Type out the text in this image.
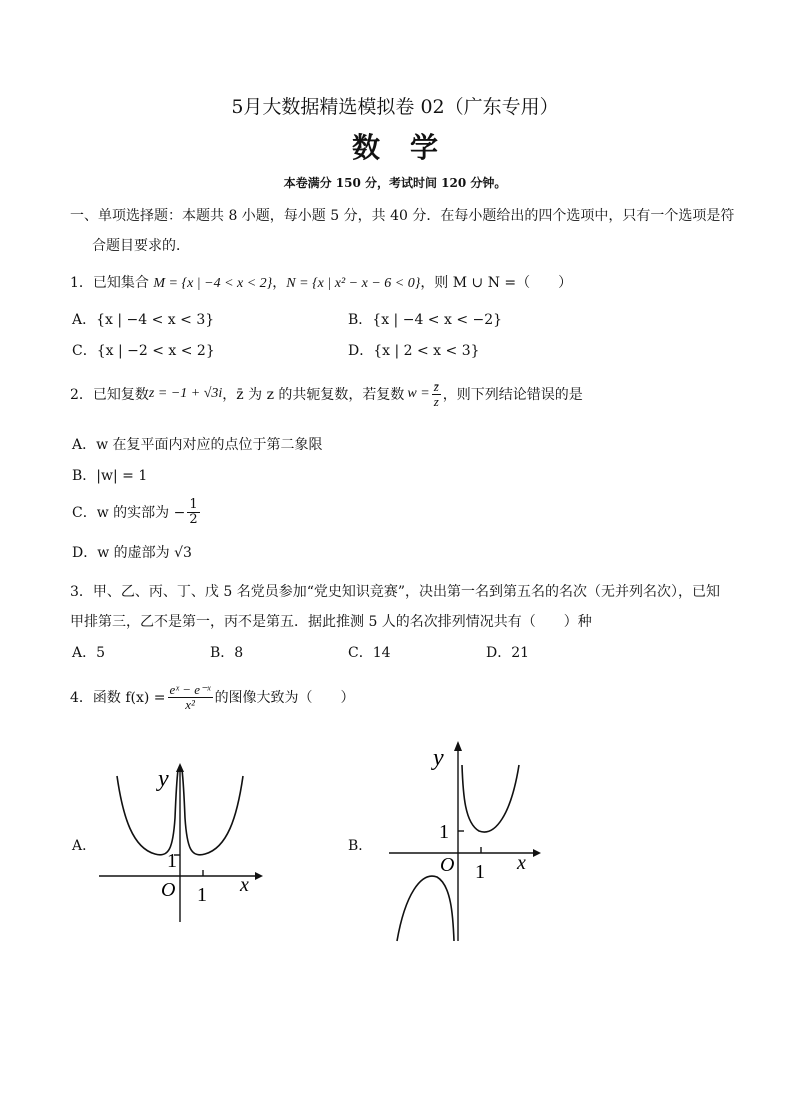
5月大数据精选模拟卷 02（广东专用）
数学
本卷满分 150 分，考试时间 120 分钟。
一、单项选择题：本题共 8 小题，每小题 5 分，共 40 分．在每小题给出的四个选项中，只有一个选项是符
合题目要求的．
1．已知集合 M = {x | −4 < x < 2}，N = {x | x² − x − 6 < 0}，则 M ∪ N =（　　）
A．{x | −4 < x < 3}	B．{x | −4 < x < −2}
C．{x | −2 < x < 2}	D．{x | 2 < x < 3}
2．已知复数 z = −1 + √3i ，z̄ 为 z 的共轭复数，若复数 $w = \frac{z̄}{z}$ ，则下列结论错误的是
A．w 在复平面内对应的点位于第二象限
B．|w| = 1
C．w 的实部为 − $\frac{1}{2}$
D．w 的虚部为 √3
3．甲、乙、丙、丁、戊 5 名党员参加“党史知识竞赛”，决出第一名到第五名的名次（无并列名次），已知
甲排第三，乙不是第一，丙不是第五．据此推测 5 人的名次排列情况共有（　　）种
A．5	B．8	C．14	D．21
4．函数 $f(x) = \frac{\text{eˣ − e⁻ˣ}}{\text{x²}}$ 的图像大致为（　　）
A．	B．
y
x
O 1
1
y
x
O 1
1
